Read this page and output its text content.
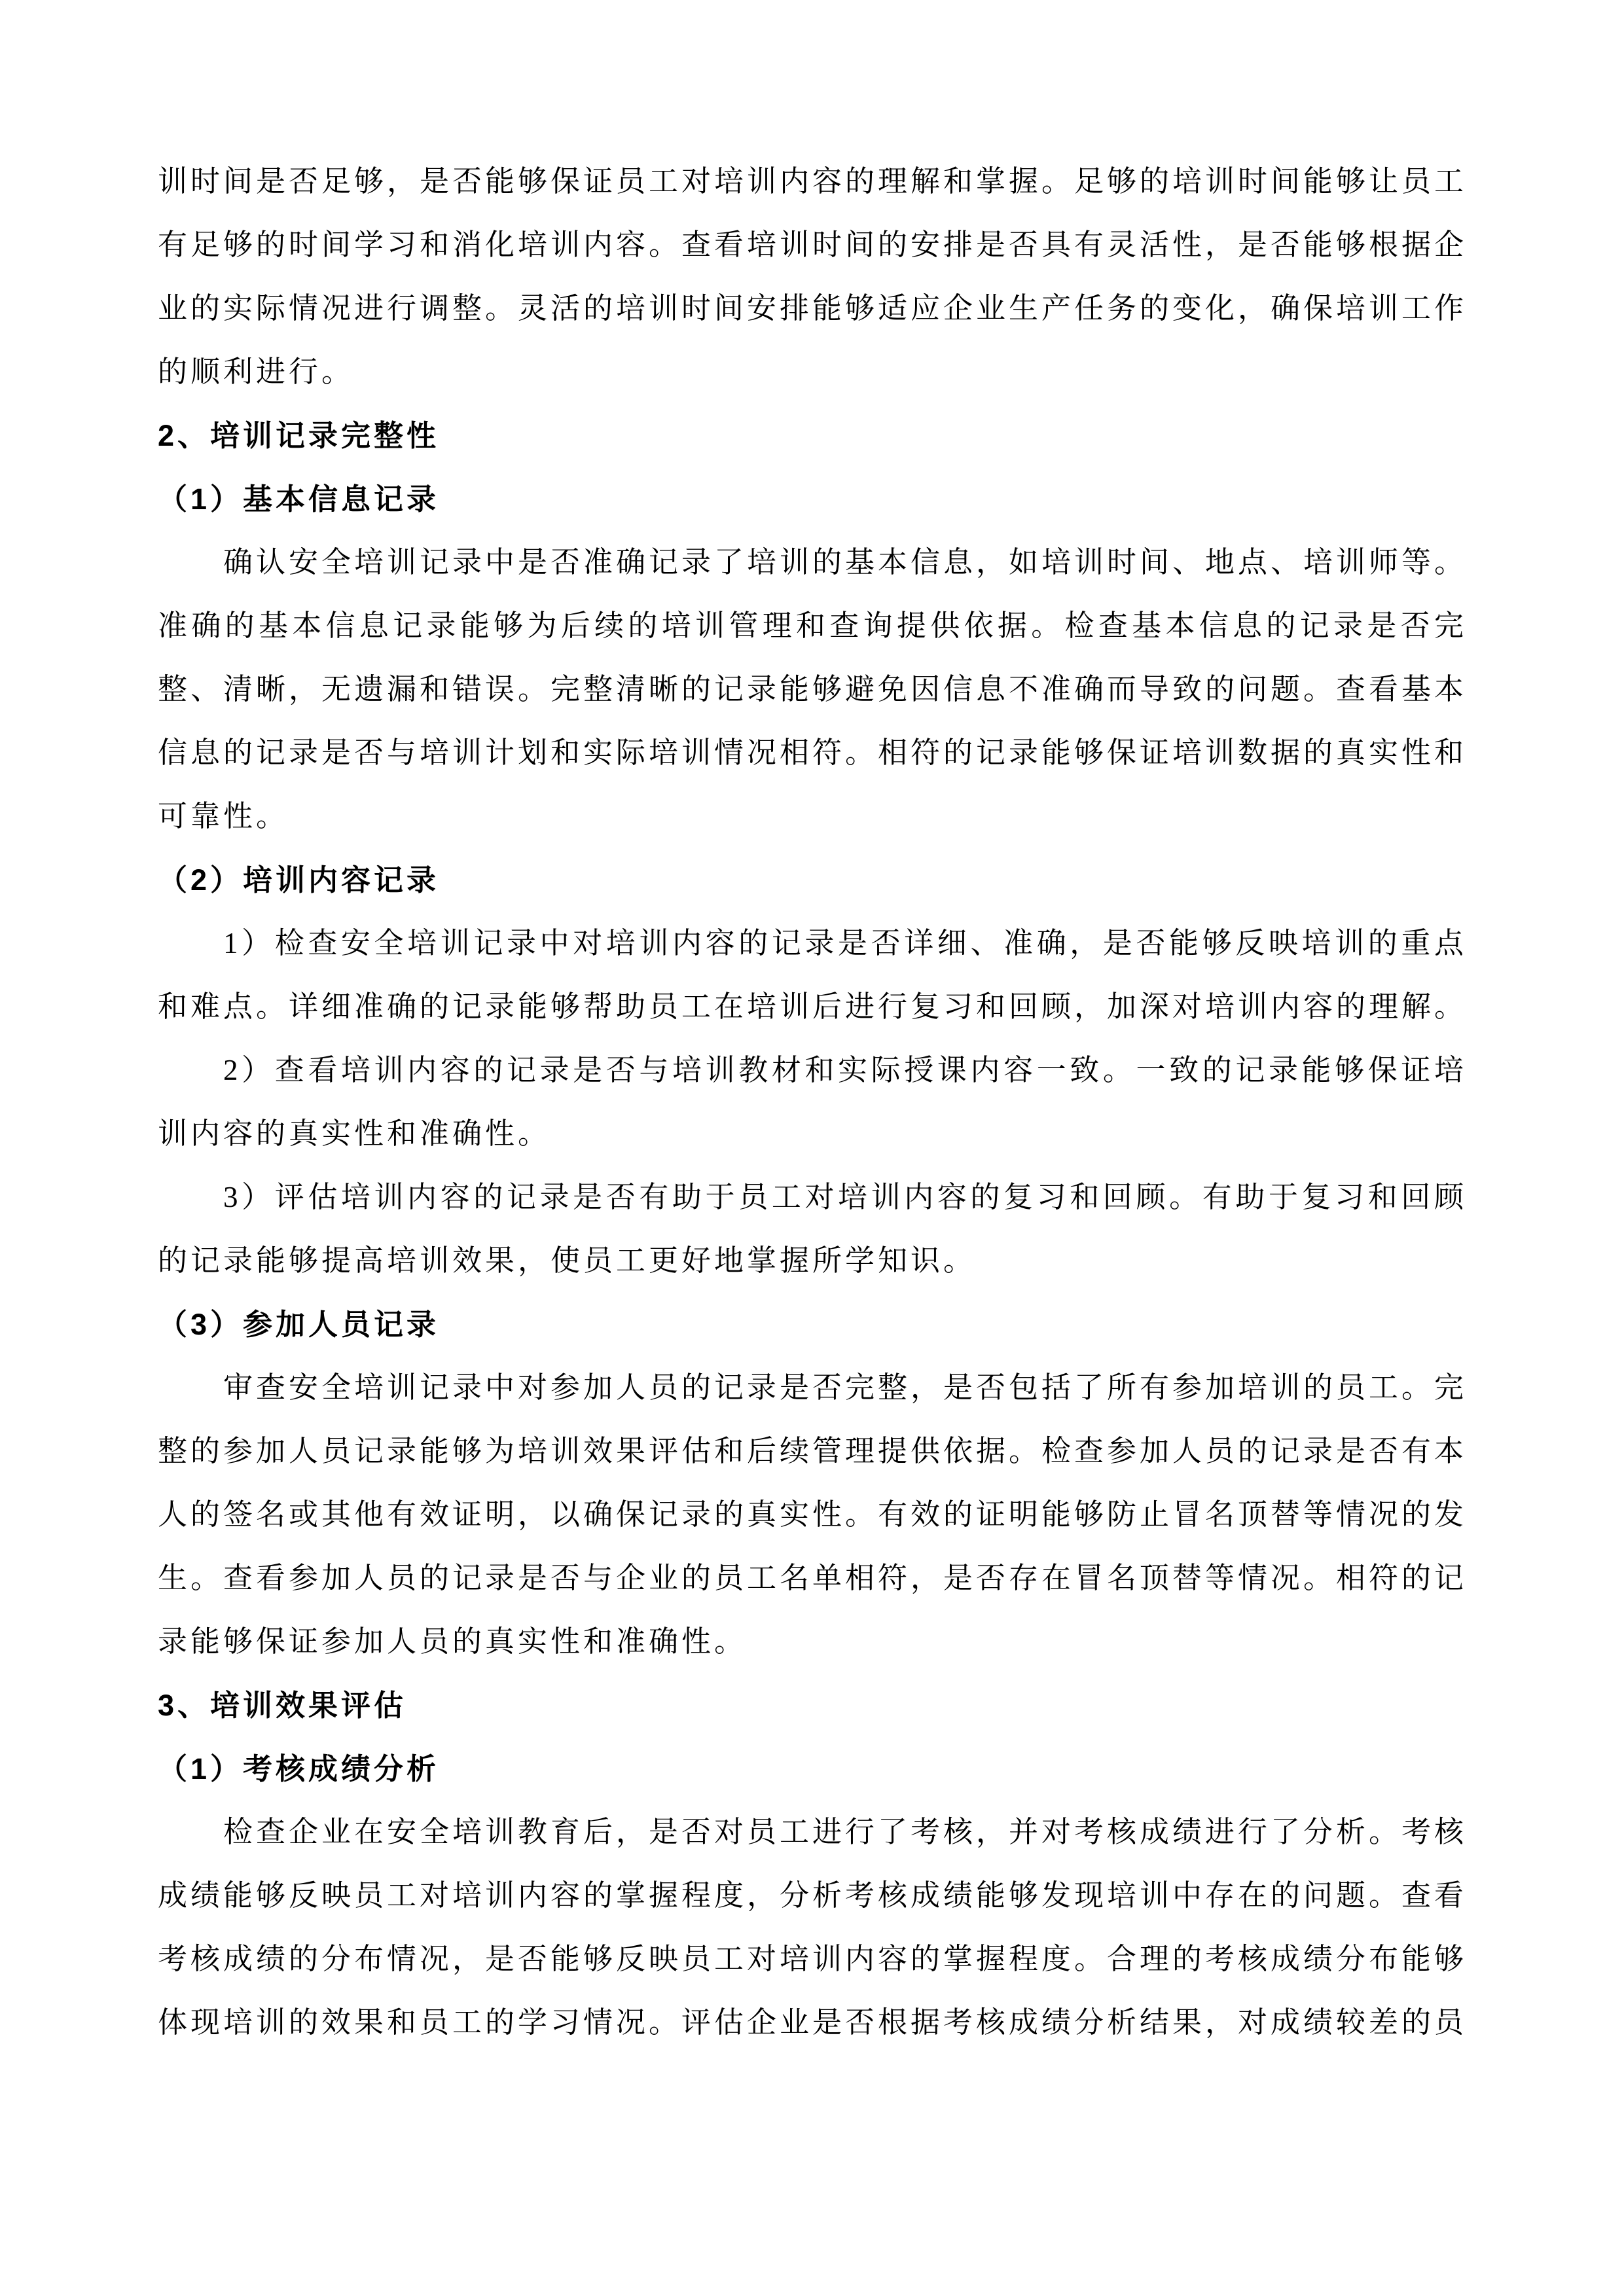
训时间是否足够，是否能够保证员工对培训内容的理解和掌握。足够的培训时间能够让员工有足够的时间学习和消化培训内容。查看培训时间的安排是否具有灵活性，是否能够根据企业的实际情况进行调整。灵活的培训时间安排能够适应企业生产任务的变化，确保培训工作的顺利进行。

2、培训记录完整性
（1）基本信息记录

确认安全培训记录中是否准确记录了培训的基本信息，如培训时间、地点、培训师等。准确的基本信息记录能够为后续的培训管理和查询提供依据。检查基本信息的记录是否完整、清晰，无遗漏和错误。完整清晰的记录能够避免因信息不准确而导致的问题。查看基本信息的记录是否与培训计划和实际培训情况相符。相符的记录能够保证培训数据的真实性和可靠性。

（2）培训内容记录

1）检查安全培训记录中对培训内容的记录是否详细、准确，是否能够反映培训的重点和难点。详细准确的记录能够帮助员工在培训后进行复习和回顾，加深对培训内容的理解。

2）查看培训内容的记录是否与培训教材和实际授课内容一致。一致的记录能够保证培训内容的真实性和准确性。

3）评估培训内容的记录是否有助于员工对培训内容的复习和回顾。有助于复习和回顾的记录能够提高培训效果，使员工更好地掌握所学知识。

（3）参加人员记录

审查安全培训记录中对参加人员的记录是否完整，是否包括了所有参加培训的员工。完整的参加人员记录能够为培训效果评估和后续管理提供依据。检查参加人员的记录是否有本人的签名或其他有效证明，以确保记录的真实性。有效的证明能够防止冒名顶替等情况的发生。查看参加人员的记录是否与企业的员工名单相符，是否存在冒名顶替等情况。相符的记录能够保证参加人员的真实性和准确性。

3、培训效果评估
（1）考核成绩分析

检查企业在安全培训教育后，是否对员工进行了考核，并对考核成绩进行了分析。考核成绩能够反映员工对培训内容的掌握程度，分析考核成绩能够发现培训中存在的问题。查看考核成绩的分布情况，是否能够反映员工对培训内容的掌握程度。合理的考核成绩分布能够体现培训的效果和员工的学习情况。评估企业是否根据考核成绩分析结果，对成绩较差的员
